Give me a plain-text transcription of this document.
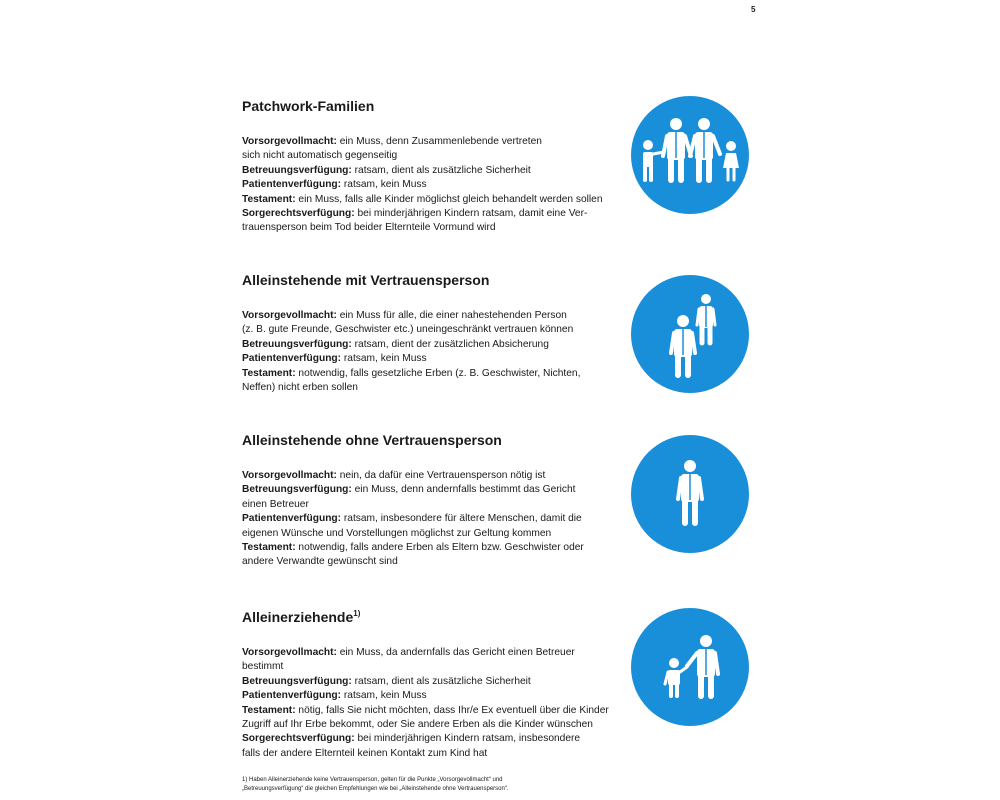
5
Patchwork-Familien

Vorsorgevollmacht: ein Muss, denn Zusammenlebende vertreten
sich nicht automatisch gegenseitig

Betreuungsverfügung: ratsam, dient als zusätzliche Sicherheit

Patientenverfügung: ratsam, kein Muss

Testament: ein Muss, falls alle Kinder möglichst gleich behandelt werden sollen

Sorgerechtsverfügung: bei minderjährigen Kindern ratsam, damit eine Ver-
trauensperson beim Tod beider Elternteile Vormund wird

Alleinstehende mit Vertrauensperson

Vorsorgevollmacht: ein Muss für alle, die einer nahestehenden Person
(z. B. gute Freunde, Geschwister etc.) uneingeschränkt vertrauen können

Betreuungsverfügung: ratsam, dient der zusätzlichen Absicherung

Patientenverfügung: ratsam, kein Muss

Testament: notwendig, falls gesetzliche Erben (z. B. Geschwister, Nichten,
Neffen) nicht erben sollen

Alleinstehende ohne Vertrauensperson

Vorsorgevollmacht: nein, da dafür eine Vertrauensperson nötig ist

Betreuungsverfügung: ein Muss, denn andernfalls bestimmt das Gericht
einen Betreuer

Patientenverfügung: ratsam, insbesondere für ältere Menschen, damit die
eigenen Wünsche und Vorstellungen möglichst zur Geltung kommen

Testament: notwendig, falls andere Erben als Eltern bzw. Geschwister oder
andere Verwandte gewünscht sind

Alleinerziehende$^{1)}$

Vorsorgevollmacht: ein Muss, da andernfalls das Gericht einen Betreuer
bestimmt

Betreuungsverfügung: ratsam, dient als zusätzliche Sicherheit

Patientenverfügung: ratsam, kein Muss

Testament: nötig, falls Sie nicht möchten, dass Ihr/e Ex eventuell über die Kinder Zugriff auf Ihr Erbe bekommt, oder Sie andere Erben als die Kinder wünschen

Sorgerechtsverfügung: bei minderjährigen Kindern ratsam, insbesondere
falls der andere Elternteil keinen Kontakt zum Kind hat

1) Haben Alleinerziehende keine Vertrauensperson, gelten für die Punkte „Vorsorgevollmacht“ und
„Betreuungsverfügung“ die gleichen Empfehlungen wie bei „Alleinstehende ohne Vertrauensperson“.
